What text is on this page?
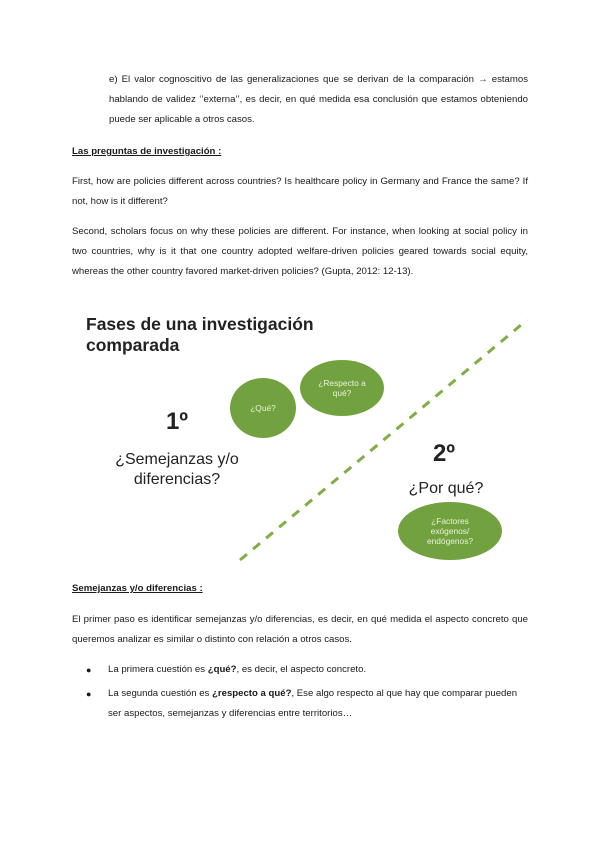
e) El valor cognoscitivo de las generalizaciones que se derivan de la comparación → estamos hablando de validez ‘’externa’’, es decir, en qué medida esa conclusión que estamos obteniendo puede ser aplicable a otros casos.

Las preguntas de investigación :

First, how are policies different across countries? Is healthcare policy in Germany and France the same? If not, how is it different?

Second, scholars focus on why these policies are different. For instance, when looking at social policy in two countries, why is it that one country adopted welfare-driven policies geared towards social equity, whereas the other country favored market-driven policies? (Gupta, 2012: 12-13).

Fases de una investigación comparada
¿Qué?
¿Respecto a qué?
¿Factores exógenos/ endógenos?
1º
¿Semejanzas y/o diferencias?
2º
¿Por qué?

Semejanzas y/o diferencias :

El primer paso es identificar semejanzas y/o diferencias, es decir, en qué medida el aspecto concreto que queremos analizar es similar o distinto con relación a otros casos.

● La primera cuestión es ¿qué?, es decir, el aspecto concreto.
● La segunda cuestión es ¿respecto a qué?, Ese algo respecto al que hay que comparar pueden ser aspectos, semejanzas y diferencias entre territorios…
